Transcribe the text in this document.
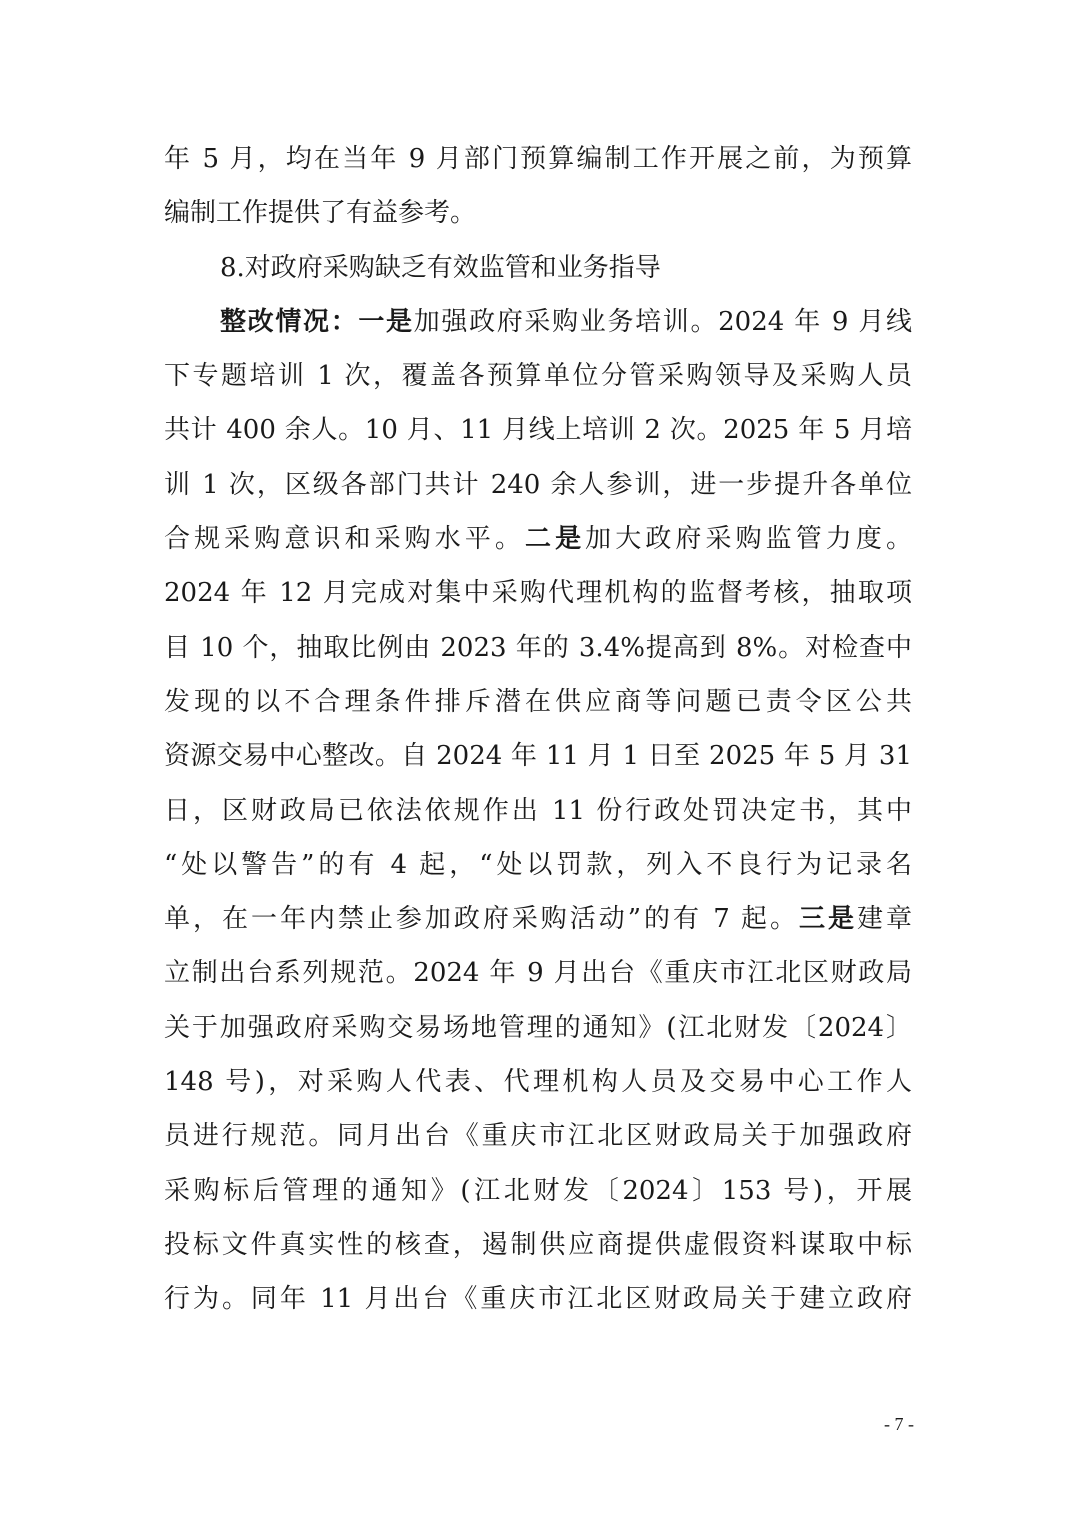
年 5 月，均在当年 9 月部门预算编制工作开展之前，为预算
编制工作提供了有益参考。
8.对政府采购缺乏有效监管和业务指导
整改情况：一是加强政府采购业务培训。2024 年 9 月线
下专题培训 1 次，覆盖各预算单位分管采购领导及采购人员
共计 400 余人。10 月、11 月线上培训 2 次。2025 年 5 月培
训 1 次，区级各部门共计 240 余人参训，进一步提升各单位
合规采购意识和采购水平。二是加大政府采购监管力度。
2024 年 12 月完成对集中采购代理机构的监督考核，抽取项
目 10 个，抽取比例由 2023 年的 3.4%提高到 8%。对检查中
发现的以不合理条件排斥潜在供应商等问题已责令区公共
资源交易中心整改。自 2024 年 11 月 1 日至 2025 年 5 月 31
日，区财政局已依法依规作出 11 份行政处罚决定书，其中
“处以警告”的有 4 起，“处以罚款，列入不良行为记录名
单，在一年内禁止参加政府采购活动”的有 7 起。三是建章
立制出台系列规范。2024 年 9 月出台《重庆市江北区财政局
关于加强政府采购交易场地管理的通知》(江北财发〔2024〕
148 号)，对采购人代表、代理机构人员及交易中心工作人
员进行规范。同月出台《重庆市江北区财政局关于加强政府
采购标后管理的通知》(江北财发〔2024〕153 号)，开展
投标文件真实性的核查，遏制供应商提供虚假资料谋取中标
行为。同年 11 月出台《重庆市江北区财政局关于建立政府
- 7 -
